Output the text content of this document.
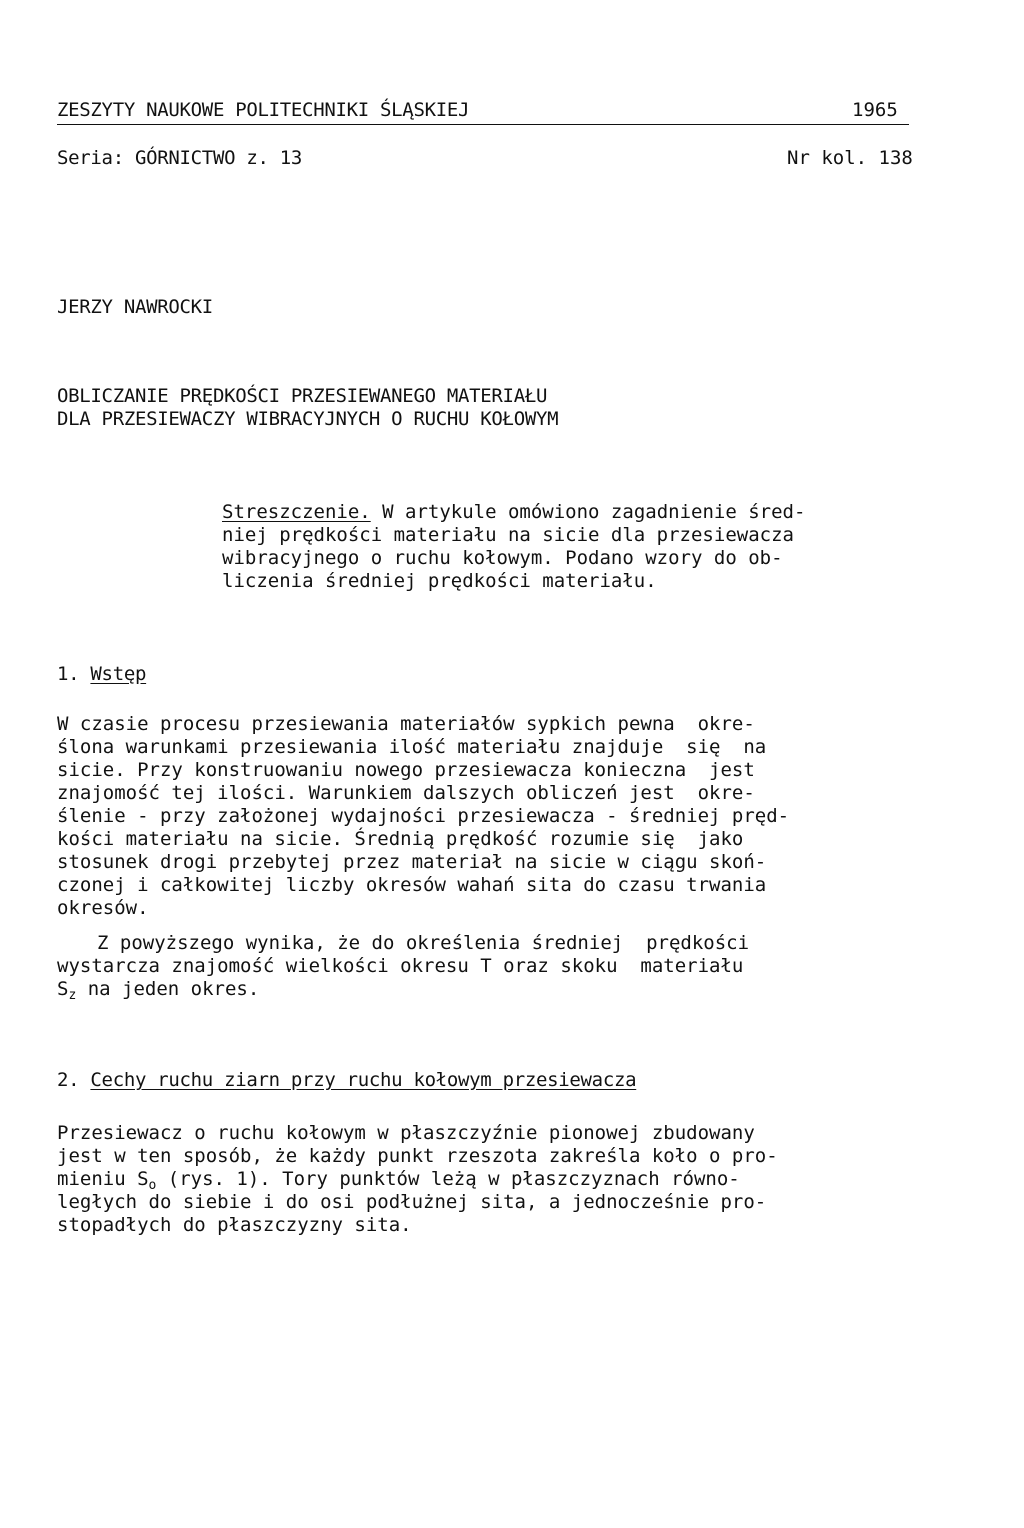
ZESZYTY NAUKOWE POLITECHNIKI ŚLĄSKIEJ	1965
Seria: GÓRNICTWO z. 13	Nr kol. 138
JERZY NAWROCKI
OBLICZANIE PRĘDKOŚCI PRZESIEWANEGO MATERIAŁU
DLA PRZESIEWACZY WIBRACYJNYCH O RUCHU KOŁOWYM
Streszczenie. W artykule omówiono zagadnienie śred-
niej prędkości materiału na sicie dla przesiewacza
wibracyjnego o ruchu kołowym. Podano wzory do ob-
liczenia średniej prędkości materiału.
1. Wstęp
W czasie procesu przesiewania materiałów sypkich pewna  okre-
ślona warunkami przesiewania ilość materiału znajduje  się  na
sicie. Przy konstruowaniu nowego przesiewacza konieczna  jest
znajomość tej ilości. Warunkiem dalszych obliczeń jest  okre-
ślenie - przy założonej wydajności przesiewacza - średniej pręd-
kości materiału na sicie. Średnią prędkość rozumie się  jako
stosunek drogi przebytej przez materiał na sicie w ciągu skoń-
czonej i całkowitej liczby okresów wahań sita do czasu trwania
okresów.
Z powyższego wynika, że do określenia średniej  prędkości
wystarcza znajomość wielkości okresu T oraz skoku  materiału
$S_z$ na jeden okres.
2. Cechy ruchu ziarn przy ruchu kołowym przesiewacza
Przesiewacz o ruchu kołowym w płaszczyźnie pionowej zbudowany
jest w ten sposób, że każdy punkt rzeszota zakreśla koło o pro-
mieniu $S_o$ (rys. 1). Tory punktów leżą w płaszczyznach równo-
ległych do siebie i do osi podłużnej sita, a jednocześnie pro-
stopadłych do płaszczyzny sita.
